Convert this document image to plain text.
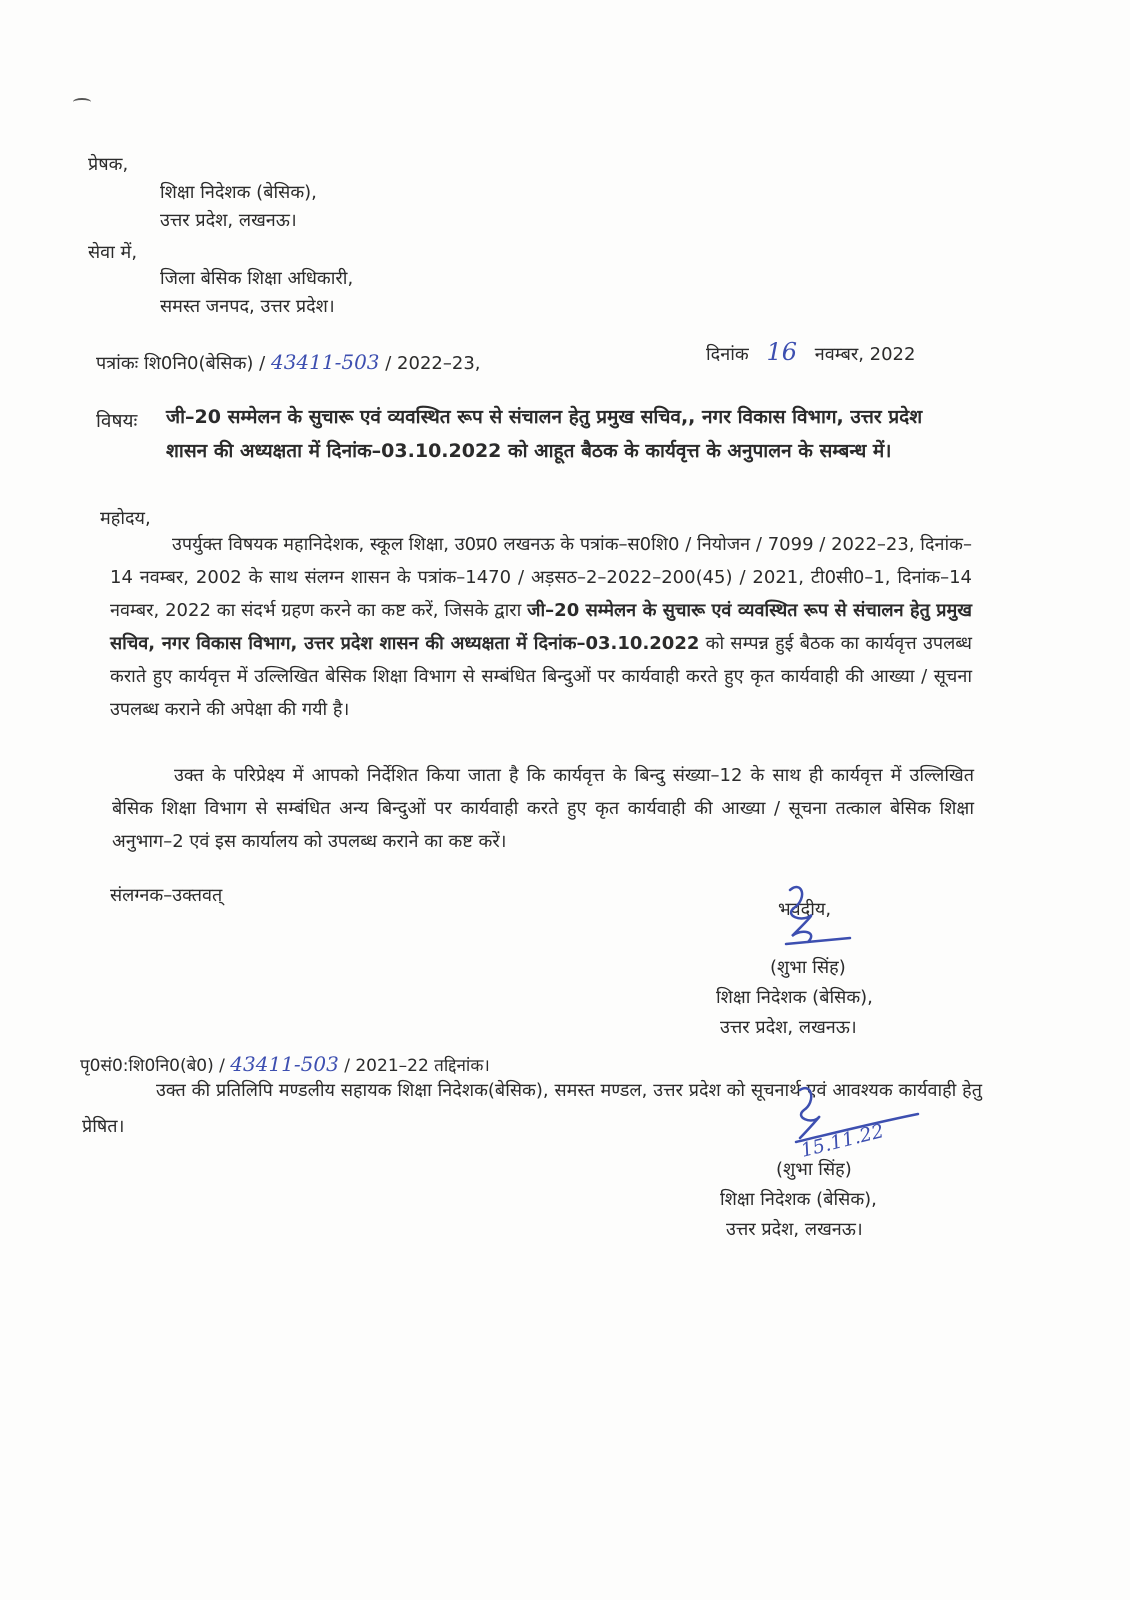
प्रेषक,
शिक्षा निदेशक (बेसिक),
उत्तर प्रदेश, लखनऊ।
सेवा में,
जिला बेसिक शिक्षा अधिकारी,
समस्त जनपद, उत्तर प्रदेश।
पत्रांकः शि0नि0(बेसिक) / 43411-503 / 2022–23,	दिनांक 16 नवम्बर, 2022
विषयः जी–20 सम्मेलन के सुचारू एवं व्यवस्थित रूप से संचालन हेतु प्रमुख सचिव,, नगर विकास विभाग, उत्तर प्रदेश शासन की अध्यक्षता में दिनांक–03.10.2022 को आहूत बैठक के कार्यवृत्त के अनुपालन के सम्बन्ध में।
महोदय,
उपर्युक्त विषयक महानिदेशक, स्कूल शिक्षा, उ0प्र0 लखनऊ के पत्रांक–स0शि0 / नियोजन / 7099 / 2022–23, दिनांक–14 नवम्बर, 2002 के साथ संलग्न शासन के पत्रांक–1470 / अड़सठ–2–2022–200(45) / 2021, टी0सी0–1, दिनांक–14 नवम्बर, 2022 का संदर्भ ग्रहण करने का कष्ट करें, जिसके द्वारा जी–20 सम्मेलन के सुचारू एवं व्यवस्थित रूप से संचालन हेतु प्रमुख सचिव, नगर विकास विभाग, उत्तर प्रदेश शासन की अध्यक्षता में दिनांक–03.10.2022 को सम्पन्न हुई बैठक का कार्यवृत्त उपलब्ध कराते हुए कार्यवृत्त में उल्लिखित बेसिक शिक्षा विभाग से सम्बंधित बिन्दुओं पर कार्यवाही करते हुए कृत कार्यवाही की आख्या / सूचना उपलब्ध कराने की अपेक्षा की गयी है।
उक्त के परिप्रेक्ष्य में आपको निर्देशित किया जाता है कि कार्यवृत्त के बिन्दु संख्या–12 के साथ ही कार्यवृत्त में उल्लिखित बेसिक शिक्षा विभाग से सम्बंधित अन्य बिन्दुओं पर कार्यवाही करते हुए कृत कार्यवाही की आख्या / सूचना तत्काल बेसिक शिक्षा अनुभाग–2 एवं इस कार्यालय को उपलब्ध कराने का कष्ट करें।
संलग्नक–उक्तवत्
भवदीय,
(शुभा सिंह)
शिक्षा निदेशक (बेसिक),
उत्तर प्रदेश, लखनऊ।
पृ0सं0:शि0नि0(बे0) / 43411-503 / 2021–22 तद्दिनांक।
उक्त की प्रतिलिपि मण्डलीय सहायक शिक्षा निदेशक(बेसिक), समस्त मण्डल, उत्तर प्रदेश को सूचनार्थ एवं आवश्यक कार्यवाही हेतु प्रेषित।	15.11.22
(शुभा सिंह)
शिक्षा निदेशक (बेसिक),
उत्तर प्रदेश, लखनऊ।
